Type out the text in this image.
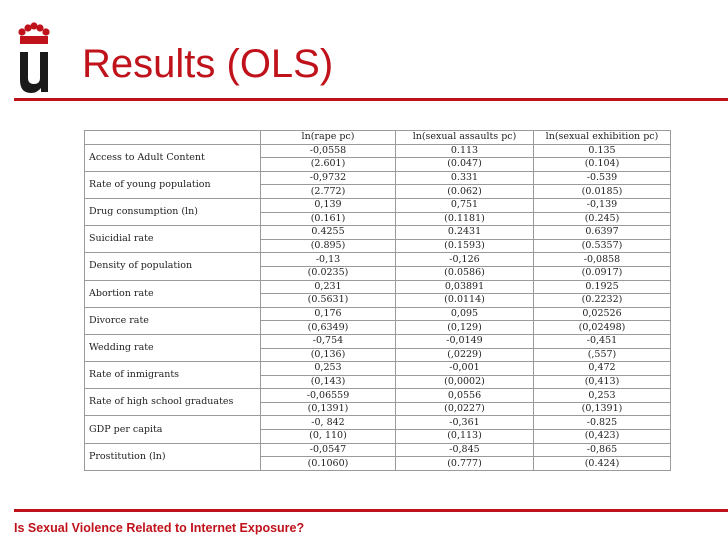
Results (OLS)
	ln(rape pc)	ln(sexual assaults pc)	ln(sexual exhibition pc)
Access to Adult Content	-0,0558	0.113	0.135
	(2.601)	(0.047)	(0.104)
Rate of young population	-0,9732	0.331	-0.539
	(2.772)	(0.062)	(0.0185)
Drug consumption (ln)	0,139	0,751	-0,139
	(0.161)	(0.1181)	(0.245)
Suicidial rate	0.4255	0.2431	0.6397
	(0.895)	(0.1593)	(0.5357)
Density of population	-0,13	-0,126	-0,0858
	(0.0235)	(0.0586)	(0.0917)
Abortion rate	0,231	0,03891	0.1925
	(0.5631)	(0.0114)	(0.2232)
Divorce rate	0,176	0,095	0,02526
	(0,6349)	(0,129)	(0,02498)
Wedding rate	-0,754	-0,0149	-0,451
	(0,136)	(,0229)	(,557)
Rate of inmigrants	0,253	-0,001	0,472
	(0,143)	(0,0002)	(0,413)
Rate of high school graduates	-0,06559	0,0556	0,253
	(0,1391)	(0,0227)	(0,1391)
GDP per capita	-0, 842	-0,361	-0.825
	(0, 110)	(0,113)	(0,423)
Prostitution (ln)	-0,0547	-0,845	-0,865
	(0.1060)	(0.777)	(0.424)
Is Sexual Violence Related to Internet Exposure?
